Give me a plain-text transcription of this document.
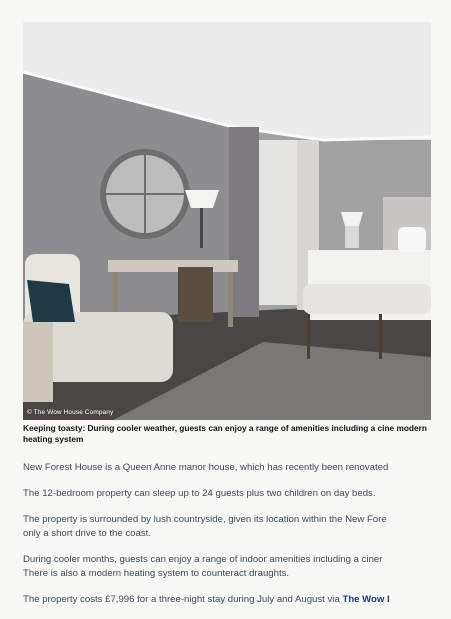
© The Wow House Company
Keeping toasty: During cooler weather, guests can enjoy a range of amenities including a cine modern heating system

New Forest House is a Queen Anne manor house, which has recently been renovated

The 12-bedroom property can sleep up to 24 guests plus two children on day beds.

The property is surrounded by lush countryside, given its location within the New Fore
only a short drive to the coast.

During cooler months, guests can enjoy a range of indoor amenities including a ciner
There is also a modern heating system to counteract draughts.

The property costs £7,996 for a three-night stay during July and August via The Wow I
